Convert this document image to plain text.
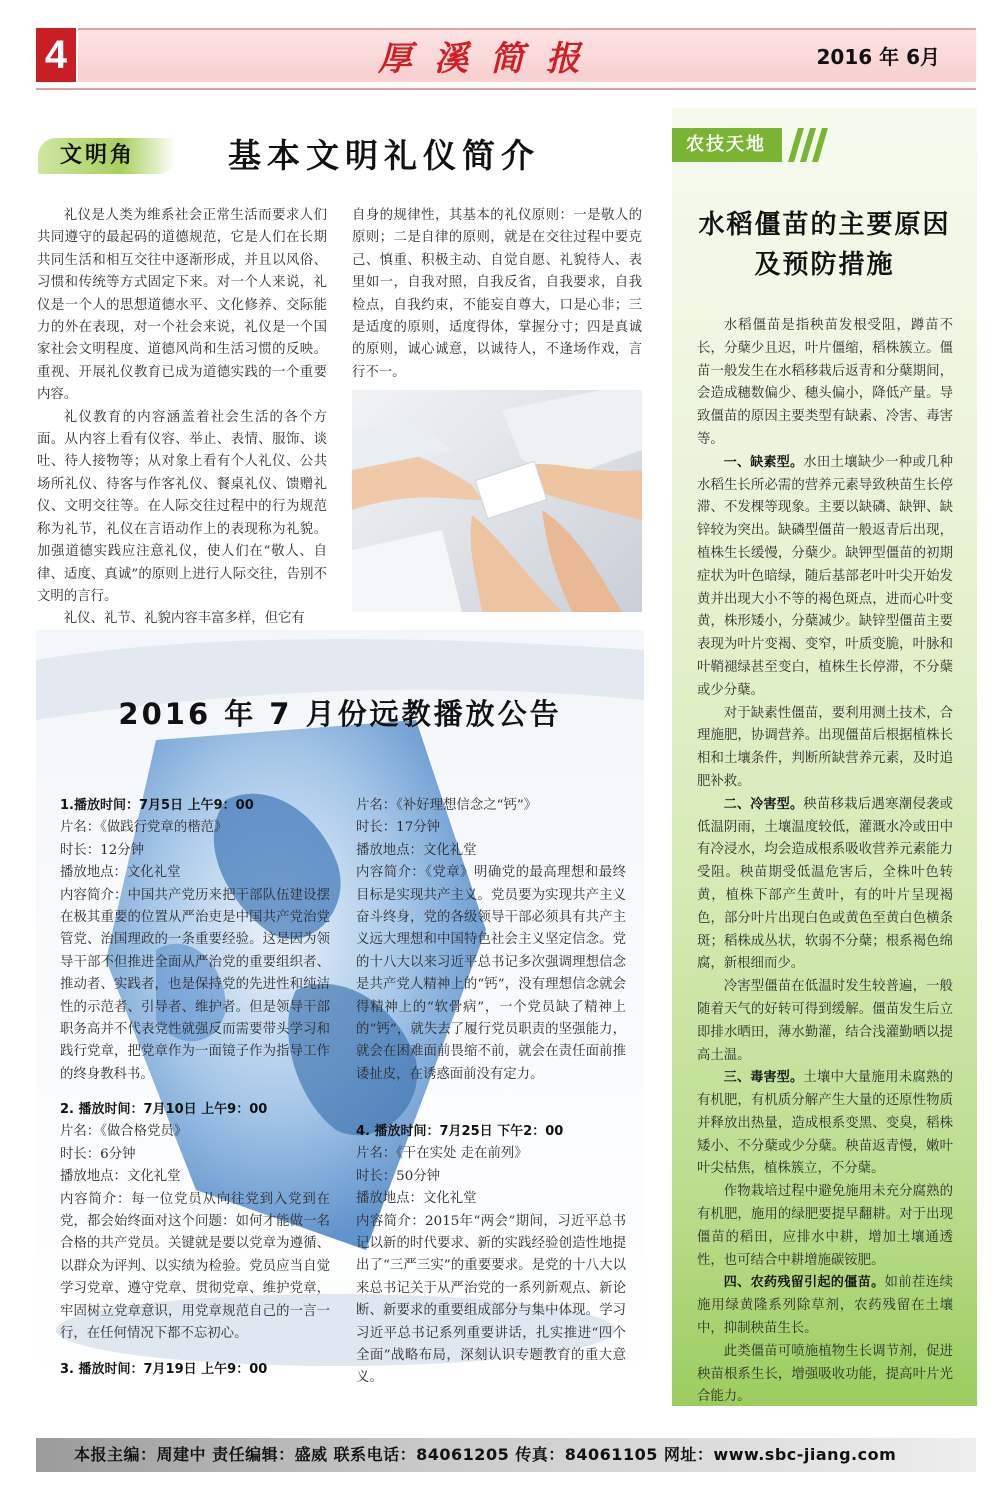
4	厚溪简报	2016 年 6月
文明角	基本文明礼仪简介

礼仪是人类为维系社会正常生活而要求人们共同遵守的最起码的道德规范，它是人们在长期共同生活和相互交往中逐渐形成，并且以风俗、习惯和传统等方式固定下来。对一个人来说，礼仪是一个人的思想道德水平、文化修养、交际能力的外在表现，对一个社会来说，礼仪是一个国家社会文明程度、道德风尚和生活习惯的反映。重视、开展礼仪教育已成为道德实践的一个重要内容。

礼仪教育的内容涵盖着社会生活的各个方面。从内容上看有仪容、举止、表情、服饰、谈吐、待人接物等；从对象上看有个人礼仪、公共场所礼仪、待客与作客礼仪、餐桌礼仪、馈赠礼仪、文明交往等。在人际交往过程中的行为规范称为礼节，礼仪在言语动作上的表现称为礼貌。加强道德实践应注意礼仪，使人们在“敬人、自律、适度、真诚”的原则上进行人际交往，告别不文明的言行。

礼仪、礼节、礼貌内容丰富多样，但它有

自身的规律性，其基本的礼仪原则：一是敬人的原则；二是自律的原则，就是在交往过程中要克己、慎重、积极主动、自觉自愿、礼貌待人、表里如一，自我对照，自我反省，自我要求，自我检点，自我约束，不能妄自尊大，口是心非；三是适度的原则，适度得体，掌握分寸；四是真诚的原则，诚心诚意，以诚待人，不逢场作戏，言行不一。
2016 年 7 月份远教播放公告
1.播放时间：7月5日 上午9：00
片名：《做践行党章的楷范》
时长：12分钟
播放地点：文化礼堂
内容简介：中国共产党历来把干部队伍建设摆在极其重要的位置从严治吏是中国共产党治党管党、治国理政的一条重要经验。这是因为领导干部不但推进全面从严治党的重要组织者、推动者、实践者，也是保持党的先进性和纯洁性的示范者、引导者、维护者。但是领导干部职务高并不代表党性就强反而需要带头学习和践行党章，把党章作为一面镜子作为指导工作的终身教科书。
2. 播放时间：7月10日 上午9：00
片名：《做合格党员》
时长：6分钟
播放地点：文化礼堂
内容简介：每一位党员从向往党到入党到在党，都会始终面对这个问题：如何才能做一名合格的共产党员。关键就是要以党章为遵循、以群众为评判、以实绩为检验。党员应当自觉学习党章、遵守党章、贯彻党章、维护党章，牢固树立党章意识，用党章规范自己的一言一行，在任何情况下都不忘初心。
3. 播放时间：7月19日 上午9：00
片名：《补好理想信念之“钙”》
时长：17分钟
播放地点：文化礼堂
内容简介：《党章》明确党的最高理想和最终目标是实现共产主义。党员要为实现共产主义奋斗终身，党的各级领导干部必须具有共产主义远大理想和中国特色社会主义坚定信念。党的十八大以来习近平总书记多次强调理想信念是共产党人精神上的“钙”，没有理想信念就会得精神上的“软骨病”，一个党员缺了精神上的“钙”，就失去了履行党员职责的坚强能力，就会在困难面前畏缩不前，就会在责任面前推诿扯皮，在诱惑面前没有定力。
4. 播放时间：7月25日 下午2：00
片名：《干在实处 走在前列》
时长：50分钟
播放地点：文化礼堂
内容简介：2015年“两会”期间，习近平总书记以新的时代要求、新的实践经验创造性地提出了“三严三实”的重要要求。是党的十八大以来总书记关于从严治党的一系列新观点、新论断、新要求的重要组成部分与集中体现。学习习近平总书记系列重要讲话，扎实推进“四个全面”战略布局，深刻认识专题教育的重大意义。
农技天地
水稻僵苗的主要原因
及预防措施

水稻僵苗是指秧苗发根受阻，蹲苗不长，分蘖少且迟，叶片僵缩，稻株簇立。僵苗一般发生在水稻移栽后返青和分蘖期间，会造成穗数偏少、穗头偏小，降低产量。导致僵苗的原因主要类型有缺素、冷害、毒害等。

一、缺素型。水田土壤缺少一种或几种水稻生长所必需的营养元素导致秧苗生长停滞、不发棵等现象。主要以缺磷、缺钾、缺锌较为突出。缺磷型僵苗一般返青后出现，植株生长缓慢，分蘖少。缺钾型僵苗的初期症状为叶色暗绿，随后基部老叶叶尖开始发黄并出现大小不等的褐色斑点，进而心叶变黄，株形矮小，分蘖减少。缺锌型僵苗主要表现为叶片变褐、变窄，叶质变脆，叶脉和叶鞘褪绿甚至变白，植株生长停滞，不分蘖或少分蘖。

对于缺素性僵苗，要利用测土技术，合理施肥，协调营养。出现僵苗后根据植株长相和土壤条件，判断所缺营养元素，及时追肥补救。

二、冷害型。秧苗移栽后遇寒潮侵袭或低温阴雨，土壤温度较低，灌溉水冷或田中有冷浸水，均会造成根系吸收营养元素能力受阻。秧苗期受低温危害后，全株叶色转黄，植株下部产生黄叶，有的叶片呈现褐色，部分叶片出现白色或黄色至黄白色横条斑；稻株成丛状，软弱不分蘖；根系褐色绵腐，新根细而少。

冷害型僵苗在低温时发生较普遍，一般随着天气的好转可得到缓解。僵苗发生后立即排水晒田，薄水勤灌，结合浅灌勤晒以提高土温。

三、毒害型。土壤中大量施用未腐熟的有机肥，有机质分解产生大量的还原性物质并释放出热量，造成根系变黑、变臭，稻株矮小、不分蘖或少分蘖。秧苗返青慢，嫩叶叶尖枯焦，植株簇立，不分蘖。

作物栽培过程中避免施用未充分腐熟的有机肥，施用的绿肥要提早翻耕。对于出现僵苗的稻田，应排水中耕，增加土壤通透性，也可结合中耕增施碳铵肥。

四、农药残留引起的僵苗。如前茬连续施用绿黄隆系列除草剂，农药残留在土壤中，抑制秧苗生长。

此类僵苗可喷施植物生长调节剂，促进秧苗根系生长，增强吸收功能，提高叶片光合能力。

本报主编：周建中 责任编辑：盛威 联系电话：84061205 传真：84061105 网址：www.sbc-jiang.com
